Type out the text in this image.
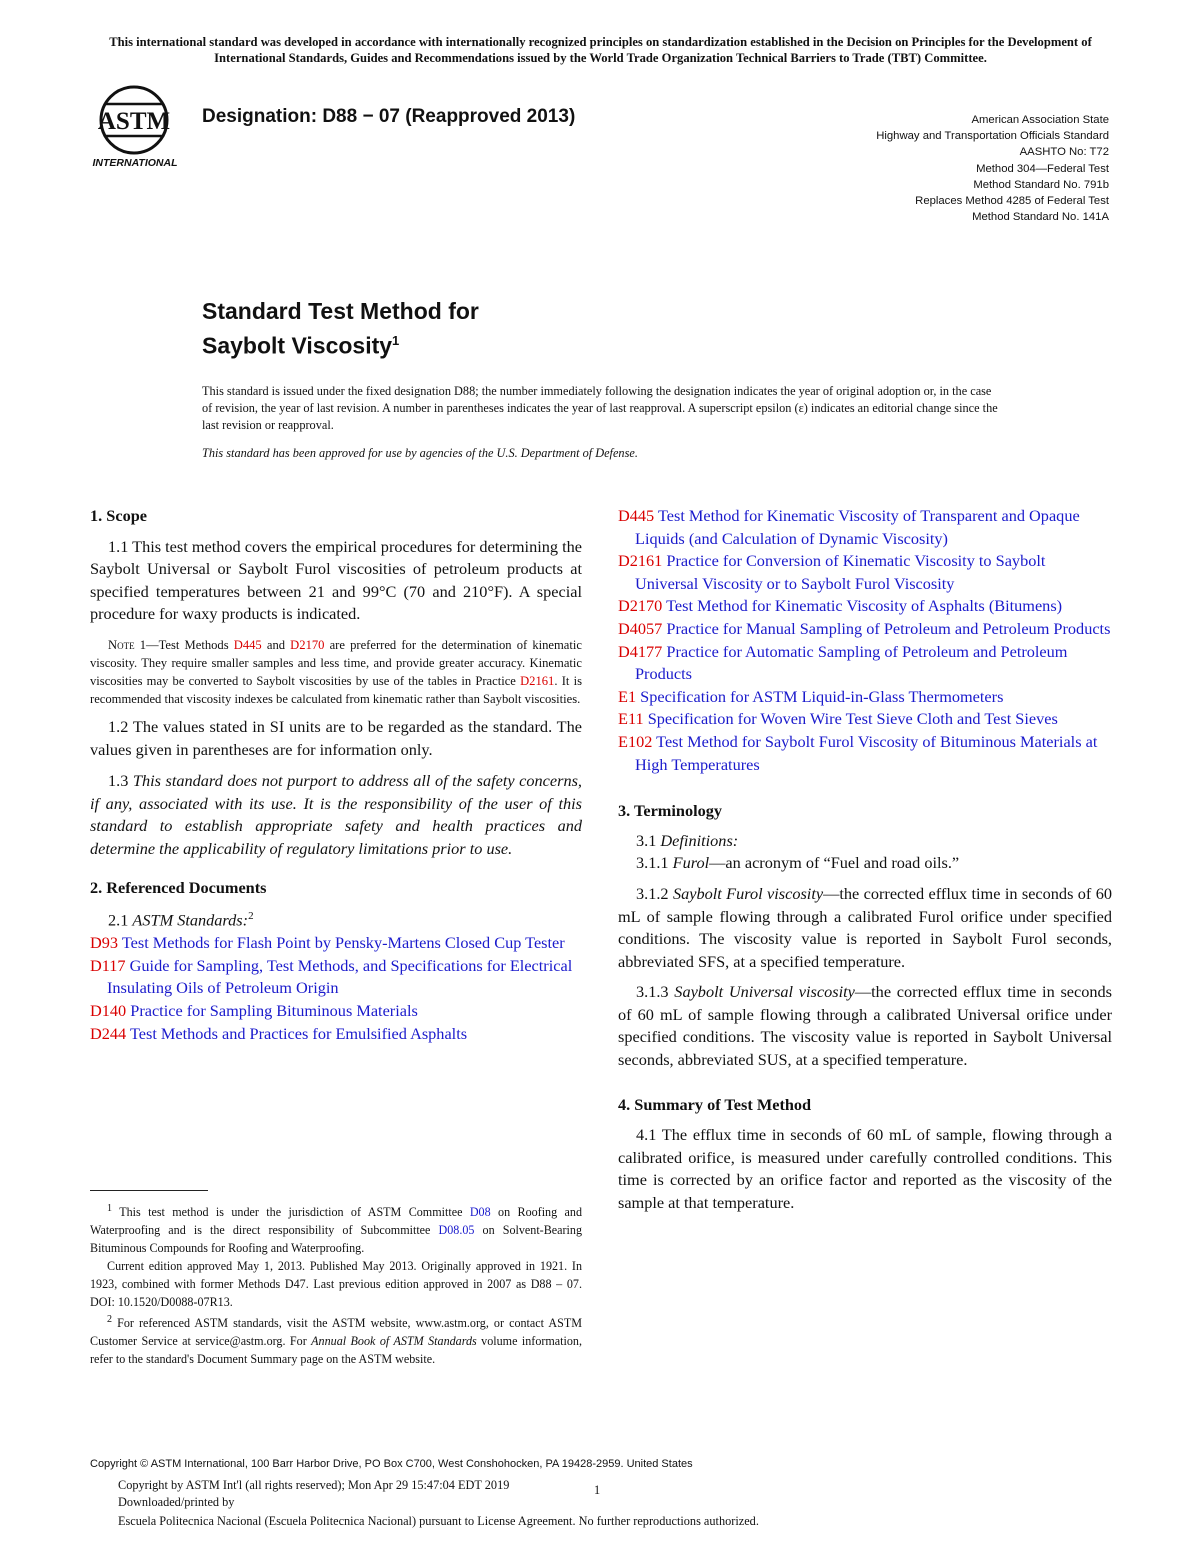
This international standard was developed in accordance with internationally recognized principles on standardization established in the Decision on Principles for the Development of International Standards, Guides and Recommendations issued by the World Trade Organization Technical Barriers to Trade (TBT) Committee.
ASTM
INTERNATIONAL
Designation: D88 − 07 (Reapproved 2013)	American Association State
Highway and Transportation Officials Standard
AASHTO No: T72
Method 304—Federal Test
Method Standard No. 791b
Replaces Method 4285 of Federal Test
Method Standard No. 141A
Standard Test Method for
Saybolt Viscosity$^1$
This standard is issued under the fixed designation D88; the number immediately following the designation indicates the year of original adoption or, in the case of revision, the year of last revision. A number in parentheses indicates the year of last reapproval. A superscript epsilon (ε) indicates an editorial change since the last revision or reapproval.
This standard has been approved for use by agencies of the U.S. Department of Defense.
1. Scope

1.1 This test method covers the empirical procedures for determining the Saybolt Universal or Saybolt Furol viscosities of petroleum products at specified temperatures between 21 and 99°C (70 and 210°F). A special procedure for waxy products is indicated.

Note 1—Test Methods D445 and D2170 are preferred for the determination of kinematic viscosity. They require smaller samples and less time, and provide greater accuracy. Kinematic viscosities may be converted to Saybolt viscosities by use of the tables in Practice D2161. It is recommended that viscosity indexes be calculated from kinematic rather than Saybolt viscosities.

1.2 The values stated in SI units are to be regarded as the standard. The values given in parentheses are for information only.

1.3 This standard does not purport to address all of the safety concerns, if any, associated with its use. It is the responsibility of the user of this standard to establish appropriate safety and health practices and determine the applicability of regulatory limitations prior to use.

2. Referenced Documents

2.1 ASTM Standards:$^2$

D93 Test Methods for Flash Point by Pensky-Martens Closed Cup Tester
D117 Guide for Sampling, Test Methods, and Specifications for Electrical Insulating Oils of Petroleum Origin
D140 Practice for Sampling Bituminous Materials
D244 Test Methods and Practices for Emulsified Asphalts

$^1$ This test method is under the jurisdiction of ASTM Committee D08 on Roofing and Waterproofing and is the direct responsibility of Subcommittee D08.05 on Solvent-Bearing Bituminous Compounds for Roofing and Waterproofing.

Current edition approved May 1, 2013. Published May 2013. Originally approved in 1921. In 1923, combined with former Methods D47. Last previous edition approved in 2007 as D88 – 07. DOI: 10.1520/D0088-07R13.

$^2$ For referenced ASTM standards, visit the ASTM website, www.astm.org, or contact ASTM Customer Service at service@astm.org. For Annual Book of ASTM Standards volume information, refer to the standard's Document Summary page on the ASTM website.

D445 Test Method for Kinematic Viscosity of Transparent and Opaque Liquids (and Calculation of Dynamic Viscosity)
D2161 Practice for Conversion of Kinematic Viscosity to Saybolt Universal Viscosity or to Saybolt Furol Viscosity
D2170 Test Method for Kinematic Viscosity of Asphalts (Bitumens)
D4057 Practice for Manual Sampling of Petroleum and Petroleum Products
D4177 Practice for Automatic Sampling of Petroleum and Petroleum Products
E1 Specification for ASTM Liquid-in-Glass Thermometers
E11 Specification for Woven Wire Test Sieve Cloth and Test Sieves
E102 Test Method for Saybolt Furol Viscosity of Bituminous Materials at High Temperatures
3. Terminology

3.1 Definitions:

3.1.1 Furol—an acronym of “Fuel and road oils.”

3.1.2 Saybolt Furol viscosity—the corrected efflux time in seconds of 60 mL of sample flowing through a calibrated Furol orifice under specified conditions. The viscosity value is reported in Saybolt Furol seconds, abbreviated SFS, at a specified temperature.

3.1.3 Saybolt Universal viscosity—the corrected efflux time in seconds of 60 mL of sample flowing through a calibrated Universal orifice under specified conditions. The viscosity value is reported in Saybolt Universal seconds, abbreviated SUS, at a specified temperature.

4. Summary of Test Method

4.1 The efflux time in seconds of 60 mL of sample, flowing through a calibrated orifice, is measured under carefully controlled conditions. This time is corrected by an orifice factor and reported as the viscosity of the sample at that temperature.

Copyright © ASTM International, 100 Barr Harbor Drive, PO Box C700, West Conshohocken, PA 19428-2959. United States
1
Copyright by ASTM Int'l (all rights reserved); Mon Apr 29 15:47:04 EDT 2019
Downloaded/printed by
Escuela Politecnica Nacional (Escuela Politecnica Nacional) pursuant to License Agreement. No further reproductions authorized.
